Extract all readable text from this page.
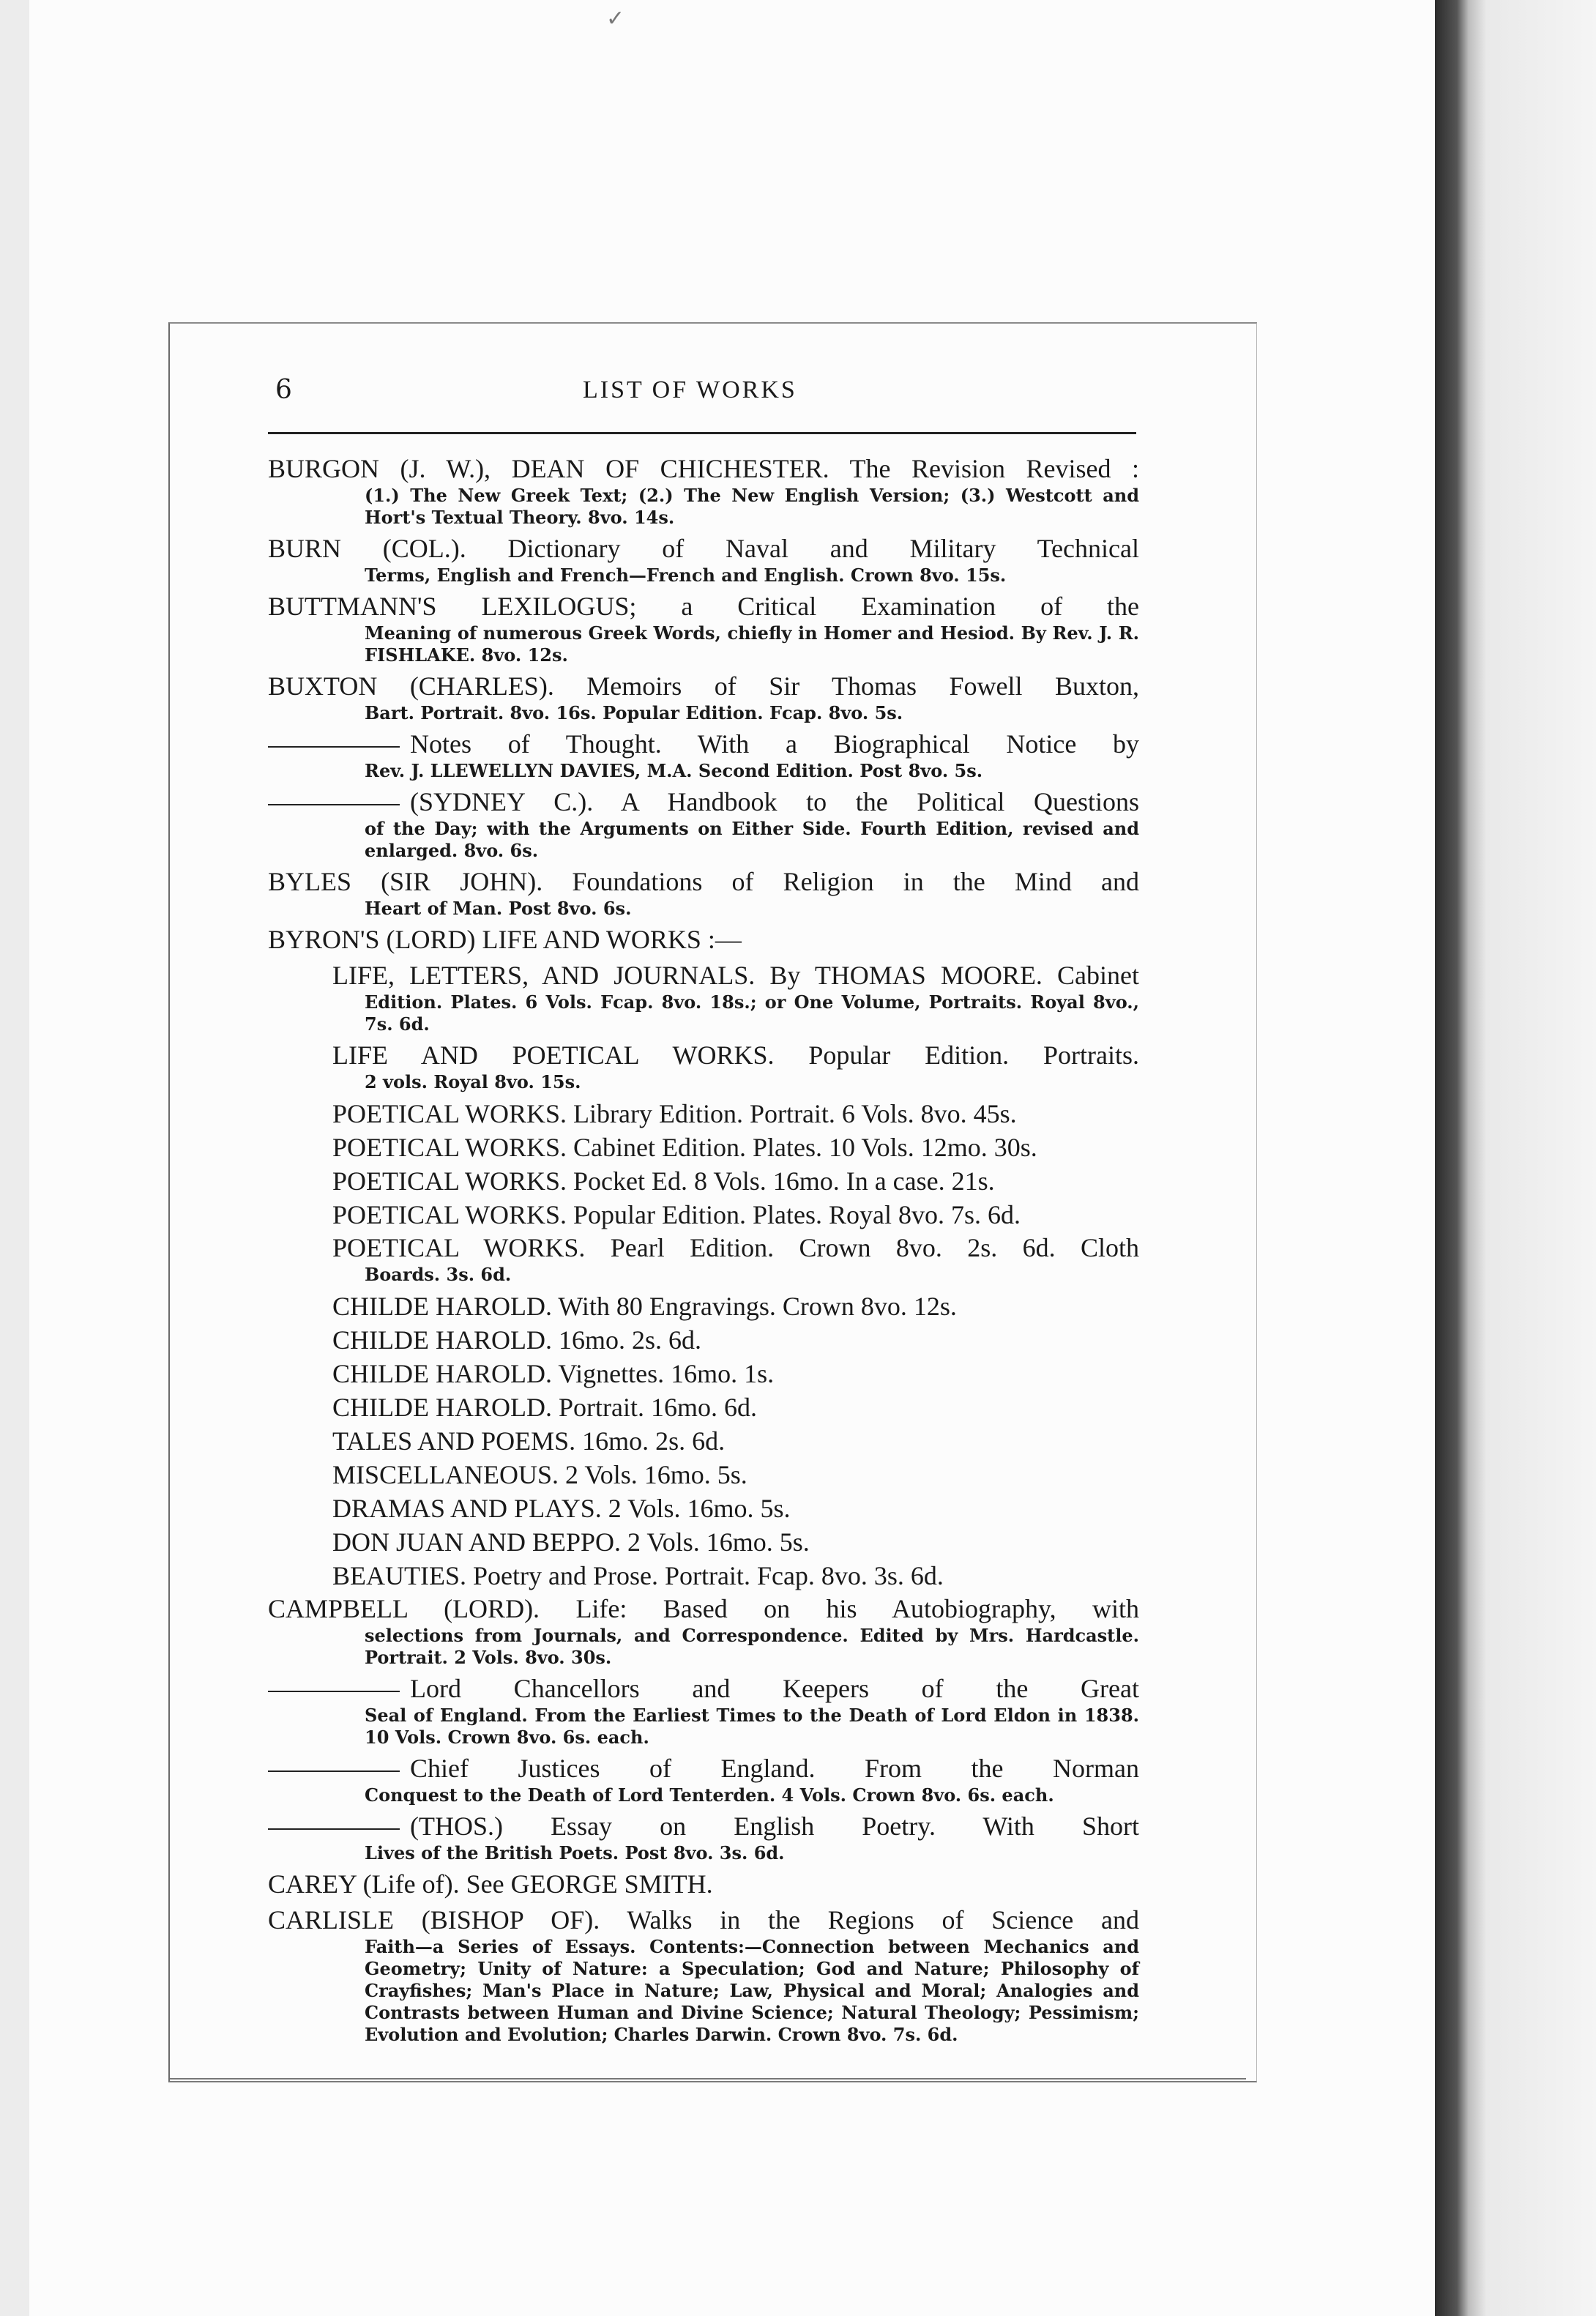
✓
6	LIST OF WORKS
BURGON (J. W.), DEAN OF CHICHESTER. The Revision Revised :
(1.) The New Greek Text; (2.) The New English Version; (3.) Westcott and Hort's Textual Theory. 8vo. 14s.
BURN (COL.). Dictionary of Naval and Military Technical
Terms, English and French—French and English. Crown 8vo. 15s.
BUTTMANN'S LEXILOGUS; a Critical Examination of the
Meaning of numerous Greek Words, chiefly in Homer and Hesiod. By Rev. J. R. FISHLAKE. 8vo. 12s.
BUXTON (CHARLES). Memoirs of Sir Thomas Fowell Buxton,
Bart. Portrait. 8vo. 16s. Popular Edition. Fcap. 8vo. 5s.
Notes of Thought. With a Biographical Notice by
Rev. J. LLEWELLYN DAVIES, M.A. Second Edition. Post 8vo. 5s.
(SYDNEY C.). A Handbook to the Political Questions
of the Day; with the Arguments on Either Side. Fourth Edition, revised and enlarged. 8vo. 6s.
BYLES (SIR JOHN). Foundations of Religion in the Mind and
Heart of Man. Post 8vo. 6s.
BYRON'S (LORD) LIFE AND WORKS :—
LIFE, LETTERS, AND JOURNALS. By THOMAS MOORE. Cabinet
Edition. Plates. 6 Vols. Fcap. 8vo. 18s.; or One Volume, Portraits. Royal 8vo., 7s. 6d.
LIFE AND POETICAL WORKS. Popular Edition. Portraits.
2 vols. Royal 8vo. 15s.
POETICAL WORKS. Library Edition. Portrait. 6 Vols. 8vo. 45s.
POETICAL WORKS. Cabinet Edition. Plates. 10 Vols. 12mo. 30s.
POETICAL WORKS. Pocket Ed. 8 Vols. 16mo. In a case. 21s.
POETICAL WORKS. Popular Edition. Plates. Royal 8vo. 7s. 6d.
POETICAL WORKS. Pearl Edition. Crown 8vo. 2s. 6d. Cloth
Boards. 3s. 6d.
CHILDE HAROLD. With 80 Engravings. Crown 8vo. 12s.
CHILDE HAROLD. 16mo. 2s. 6d.
CHILDE HAROLD. Vignettes. 16mo. 1s.
CHILDE HAROLD. Portrait. 16mo. 6d.
TALES AND POEMS. 16mo. 2s. 6d.
MISCELLANEOUS. 2 Vols. 16mo. 5s.
DRAMAS AND PLAYS. 2 Vols. 16mo. 5s.
DON JUAN AND BEPPO. 2 Vols. 16mo. 5s.
BEAUTIES. Poetry and Prose. Portrait. Fcap. 8vo. 3s. 6d.
CAMPBELL (LORD). Life: Based on his Autobiography, with
selections from Journals, and Correspondence. Edited by Mrs. Hardcastle. Portrait. 2 Vols. 8vo. 30s.
Lord Chancellors and Keepers of the Great
Seal of England. From the Earliest Times to the Death of Lord Eldon in 1838. 10 Vols. Crown 8vo. 6s. each.
Chief Justices of England. From the Norman
Conquest to the Death of Lord Tenterden. 4 Vols. Crown 8vo. 6s. each.
(THOS.) Essay on English Poetry. With Short
Lives of the British Poets. Post 8vo. 3s. 6d.
CAREY (Life of). See GEORGE SMITH.
CARLISLE (BISHOP OF). Walks in the Regions of Science and
Faith—a Series of Essays. Contents:—Connection between Mechanics and Geometry; Unity of Nature: a Speculation; God and Nature; Philosophy of Crayfishes; Man's Place in Nature; Law, Physical and Moral; Analogies and Contrasts between Human and Divine Science; Natural Theology; Pessimism; Evolution and Evolution; Charles Darwin. Crown 8vo. 7s. 6d.
